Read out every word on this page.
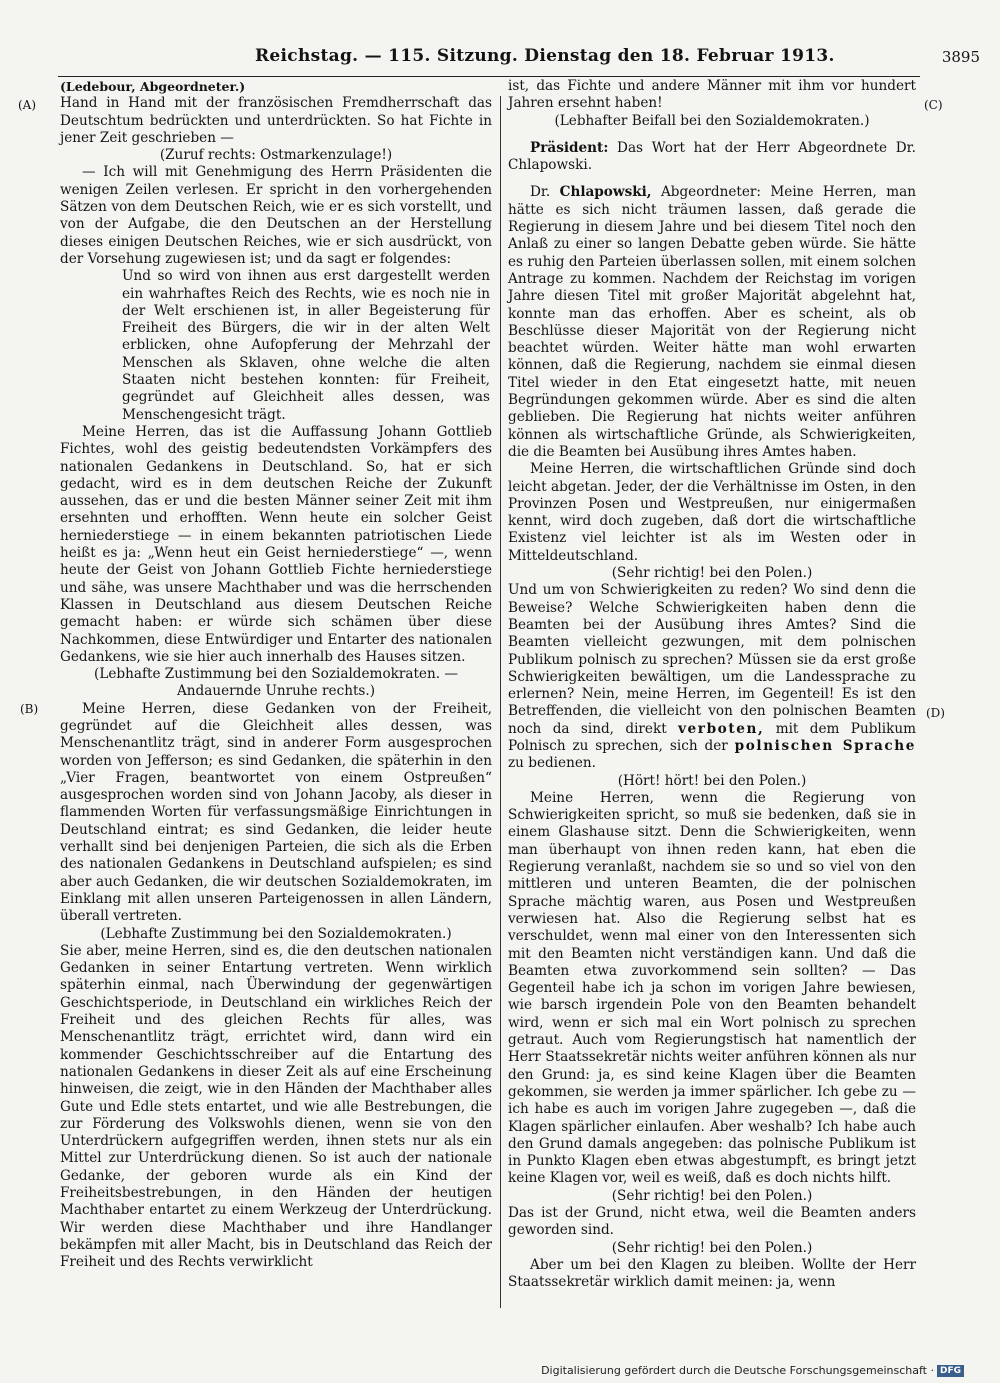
Reichstag. — 115. Sitzung. Dienstag den 18. Februar 1913.	3895
(A)
(B)
(C)
(D)

(Ledebour, Abgeordneter.)

Hand in Hand mit der französischen Fremdherrschaft das Deutschtum bedrückten und unterdrückten. So hat Fichte in jener Zeit geschrieben —

(Zuruf rechts: Ostmarkenzulage!)

— Ich will mit Genehmigung des Herrn Präsidenten die wenigen Zeilen verlesen. Er spricht in den vorhergehenden Sätzen von dem Deutschen Reich, wie er es sich vorstellt, und von der Aufgabe, die den Deutschen an der Herstellung dieses einigen Deutschen Reiches, wie er sich ausdrückt, von der Vorsehung zugewiesen ist; und da sagt er folgendes:

Und so wird von ihnen aus erst dargestellt werden ein wahrhaftes Reich des Rechts, wie es noch nie in der Welt erschienen ist, in aller Begeisterung für Freiheit des Bürgers, die wir in der alten Welt erblicken, ohne Aufopferung der Mehrzahl der Menschen als Sklaven, ohne welche die alten Staaten nicht bestehen konnten: für Freiheit, gegründet auf Gleichheit alles dessen, was Menschengesicht trägt.

Meine Herren, das ist die Auffassung Johann Gottlieb Fichtes, wohl des geistig bedeutendsten Vorkämpfers des nationalen Gedankens in Deutschland. So, hat er sich gedacht, wird es in dem deutschen Reiche der Zukunft aussehen, das er und die besten Männer seiner Zeit mit ihm ersehnten und erhofften. Wenn heute ein solcher Geist herniederstiege — in einem bekannten patriotischen Liede heißt es ja: „Wenn heut ein Geist herniederstiege“ —, wenn heute der Geist von Johann Gottlieb Fichte herniederstiege und sähe, was unsere Machthaber und was die herrschenden Klassen in Deutschland aus diesem Deutschen Reiche gemacht haben: er würde sich schämen über diese Nachkommen, diese Entwürdiger und Entarter des nationalen Gedankens, wie sie hier auch innerhalb des Hauses sitzen.

(Lebhafte Zustimmung bei den Sozialdemokraten. — Andauernde Unruhe rechts.)

Meine Herren, diese Gedanken von der Freiheit, gegründet auf die Gleichheit alles dessen, was Menschenantlitz trägt, sind in anderer Form ausgesprochen worden von Jefferson; es sind Gedanken, die späterhin in den „Vier Fragen, beantwortet von einem Ostpreußen“ ausgesprochen worden sind von Johann Jacoby, als dieser in flammenden Worten für verfassungsmäßige Einrichtungen in Deutschland eintrat; es sind Gedanken, die leider heute verhallt sind bei denjenigen Parteien, die sich als die Erben des nationalen Gedankens in Deutschland aufspielen; es sind aber auch Gedanken, die wir deutschen Sozialdemokraten, im Einklang mit allen unseren Parteigenossen in allen Ländern, überall vertreten.

(Lebhafte Zustimmung bei den Sozialdemokraten.)

Sie aber, meine Herren, sind es, die den deutschen nationalen Gedanken in seiner Entartung vertreten. Wenn wirklich späterhin einmal, nach Überwindung der gegenwärtigen Geschichtsperiode, in Deutschland ein wirkliches Reich der Freiheit und des gleichen Rechts für alles, was Menschenantlitz trägt, errichtet wird, dann wird ein kommender Geschichtsschreiber auf die Entartung des nationalen Gedankens in dieser Zeit als auf eine Erscheinung hinweisen, die zeigt, wie in den Händen der Machthaber alles Gute und Edle stets entartet, und wie alle Bestrebungen, die zur Förderung des Volkswohls dienen, wenn sie von den Unterdrückern aufgegriffen werden, ihnen stets nur als ein Mittel zur Unterdrückung dienen. So ist auch der nationale Gedanke, der geboren wurde als ein Kind der Freiheitsbestrebungen, in den Händen der heutigen Machthaber entartet zu einem Werkzeug der Unterdrückung. Wir werden diese Machthaber und ihre Handlanger bekämpfen mit aller Macht, bis in Deutschland das Reich der Freiheit und des Rechts verwirklicht

ist, das Fichte und andere Männer mit ihm vor hundert Jahren ersehnt haben!

(Lebhafter Beifall bei den Sozialdemokraten.)

Präsident: Das Wort hat der Herr Abgeordnete Dr. Chlapowski.

Dr. Chlapowski, Abgeordneter: Meine Herren, man hätte es sich nicht träumen lassen, daß gerade die Regierung in diesem Jahre und bei diesem Titel noch den Anlaß zu einer so langen Debatte geben würde. Sie hätte es ruhig den Parteien überlassen sollen, mit einem solchen Antrage zu kommen. Nachdem der Reichstag im vorigen Jahre diesen Titel mit großer Majorität abgelehnt hat, konnte man das erhoffen. Aber es scheint, als ob Beschlüsse dieser Majorität von der Regierung nicht beachtet würden. Weiter hätte man wohl erwarten können, daß die Regierung, nachdem sie einmal diesen Titel wieder in den Etat eingesetzt hatte, mit neuen Begründungen gekommen würde. Aber es sind die alten geblieben. Die Regierung hat nichts weiter anführen können als wirtschaftliche Gründe, als Schwierigkeiten, die die Beamten bei Ausübung ihres Amtes haben.

Meine Herren, die wirtschaftlichen Gründe sind doch leicht abgetan. Jeder, der die Verhältnisse im Osten, in den Provinzen Posen und Westpreußen, nur einigermaßen kennt, wird doch zugeben, daß dort die wirtschaftliche Existenz viel leichter ist als im Westen oder in Mitteldeutschland.

(Sehr richtig! bei den Polen.)

Und um von Schwierigkeiten zu reden? Wo sind denn die Beweise? Welche Schwierigkeiten haben denn die Beamten bei der Ausübung ihres Amtes? Sind die Beamten vielleicht gezwungen, mit dem polnischen Publikum polnisch zu sprechen? Müssen sie da erst große Schwierigkeiten bewältigen, um die Landessprache zu erlernen? Nein, meine Herren, im Gegenteil! Es ist den Betreffenden, die vielleicht von den polnischen Beamten noch da sind, direkt verboten, mit dem Publikum Polnisch zu sprechen, sich der polnischen Sprache zu bedienen.

(Hört! hört! bei den Polen.)

Meine Herren, wenn die Regierung von Schwierigkeiten spricht, so muß sie bedenken, daß sie in einem Glashause sitzt. Denn die Schwierigkeiten, wenn man überhaupt von ihnen reden kann, hat eben die Regierung veranlaßt, nachdem sie so und so viel von den mittleren und unteren Beamten, die der polnischen Sprache mächtig waren, aus Posen und Westpreußen verwiesen hat. Also die Regierung selbst hat es verschuldet, wenn mal einer von den Interessenten sich mit den Beamten nicht verständigen kann. Und daß die Beamten etwa zuvorkommend sein sollten? — Das Gegenteil habe ich ja schon im vorigen Jahre bewiesen, wie barsch irgendein Pole von den Beamten behandelt wird, wenn er sich mal ein Wort polnisch zu sprechen getraut. Auch vom Regierungstisch hat namentlich der Herr Staatssekretär nichts weiter anführen können als nur den Grund: ja, es sind keine Klagen über die Beamten gekommen, sie werden ja immer spärlicher. Ich gebe zu — ich habe es auch im vorigen Jahre zugegeben —, daß die Klagen spärlicher einlaufen. Aber weshalb? Ich habe auch den Grund damals angegeben: das polnische Publikum ist in Punkto Klagen eben etwas abgestumpft, es bringt jetzt keine Klagen vor, weil es weiß, daß es doch nichts hilft.

(Sehr richtig! bei den Polen.)

Das ist der Grund, nicht etwa, weil die Beamten anders geworden sind.

(Sehr richtig! bei den Polen.)

Aber um bei den Klagen zu bleiben. Wollte der Herr Staatssekretär wirklich damit meinen: ja, wenn

Digitalisierung gefördert durch die Deutsche Forschungsgemeinschaft · DFG
